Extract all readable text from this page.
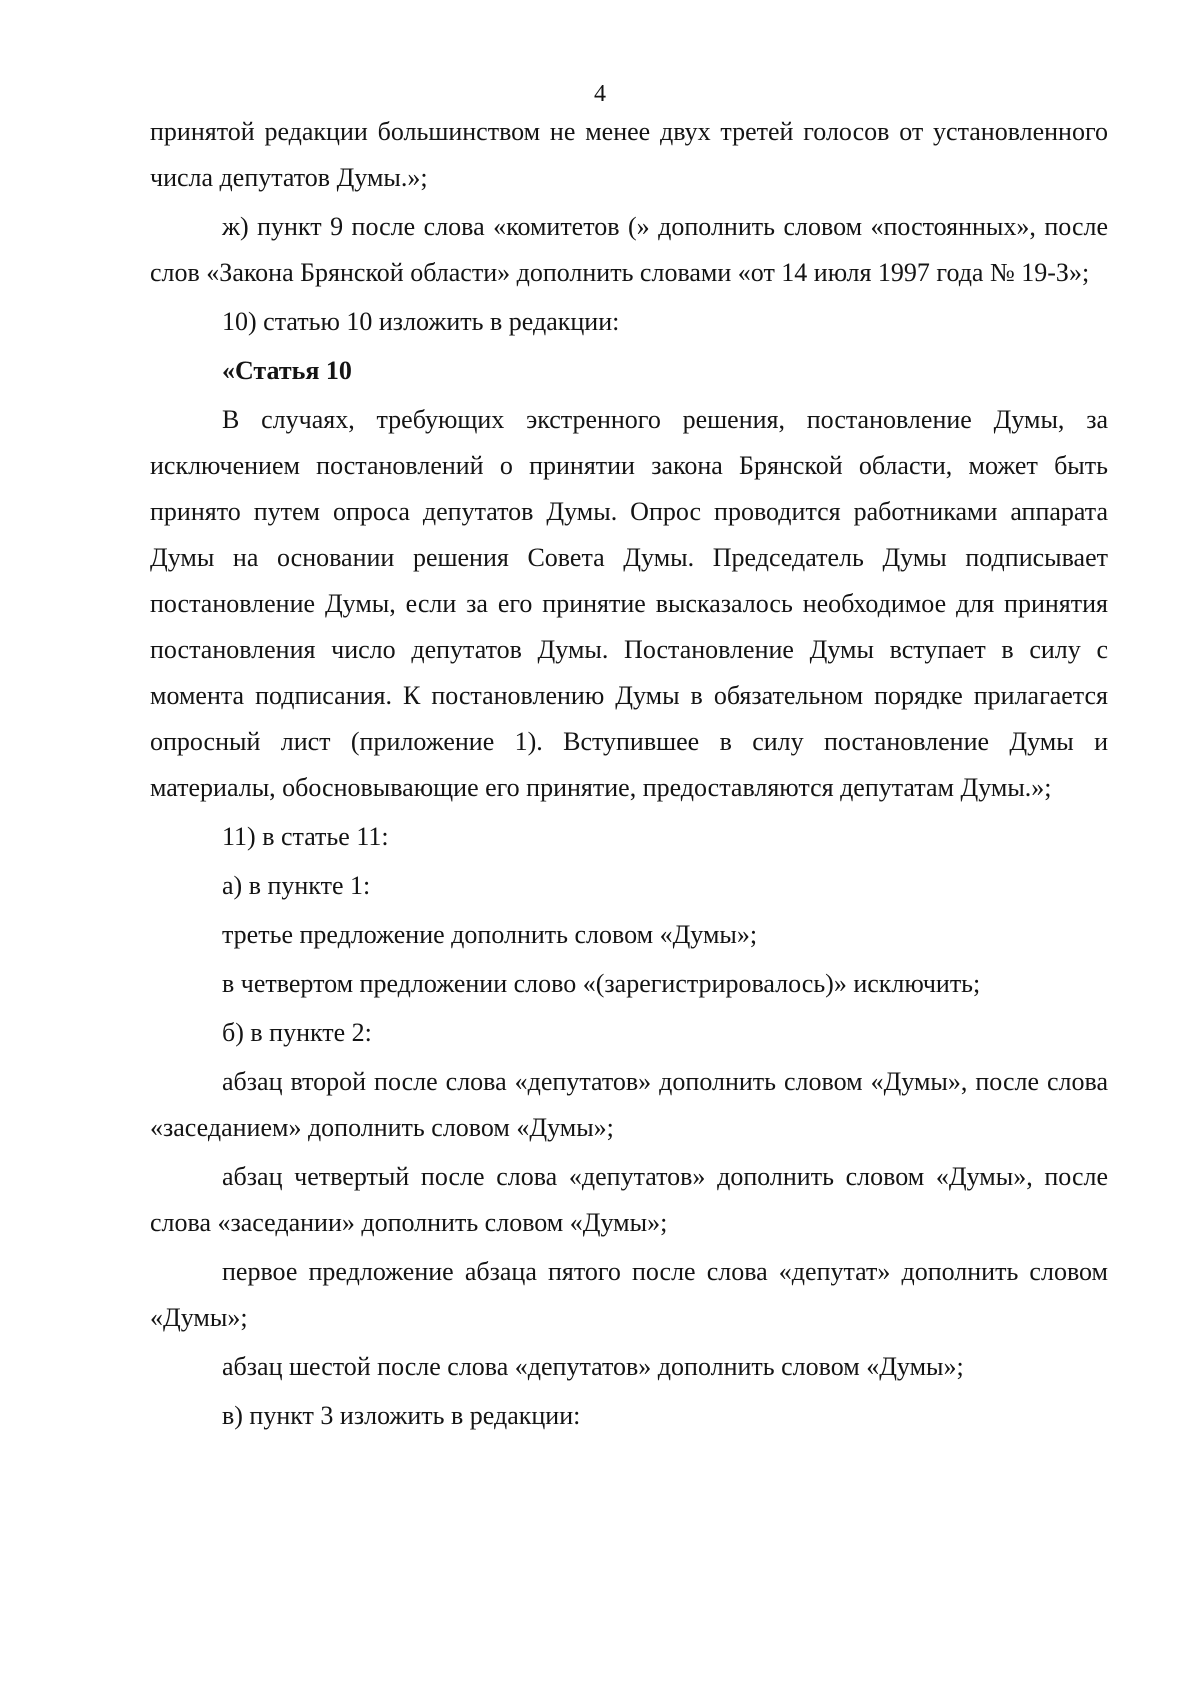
4

принятой редакции большинством не менее двух третей голосов от установленного числа депутатов Думы.»;

ж) пункт 9 после слова «комитетов (» дополнить словом «постоянных», после слов «Закона Брянской области» дополнить словами «от 14 июля 1997 года № 19-З»;

10) статью 10 изложить в редакции:

«Статья 10

В случаях, требующих экстренного решения, постановление Думы, за исключением постановлений о принятии закона Брянской области, может быть принято путем опроса депутатов Думы. Опрос проводится работниками аппарата Думы на основании решения Совета Думы. Председатель Думы подписывает постановление Думы, если за его принятие высказалось необходимое для принятия постановления число депутатов Думы. Постановление Думы вступает в силу с момента подписания. К постановлению Думы в обязательном порядке прилагается опросный лист (приложение 1). Вступившее в силу постановление Думы и материалы, обосновывающие его принятие, предоставляются депутатам Думы.»;

11) в статье 11:

а) в пункте 1:

третье предложение дополнить словом «Думы»;

в четвертом предложении слово «(зарегистрировалось)» исключить;

б) в пункте 2:

абзац второй после слова «депутатов» дополнить словом «Думы», после слова «заседанием» дополнить словом «Думы»;

абзац четвертый после слова «депутатов» дополнить словом «Думы», после слова «заседании» дополнить словом «Думы»;

первое предложение абзаца пятого после слова «депутат» дополнить словом «Думы»;

абзац шестой после слова «депутатов» дополнить словом «Думы»;

в) пункт 3 изложить в редакции:
